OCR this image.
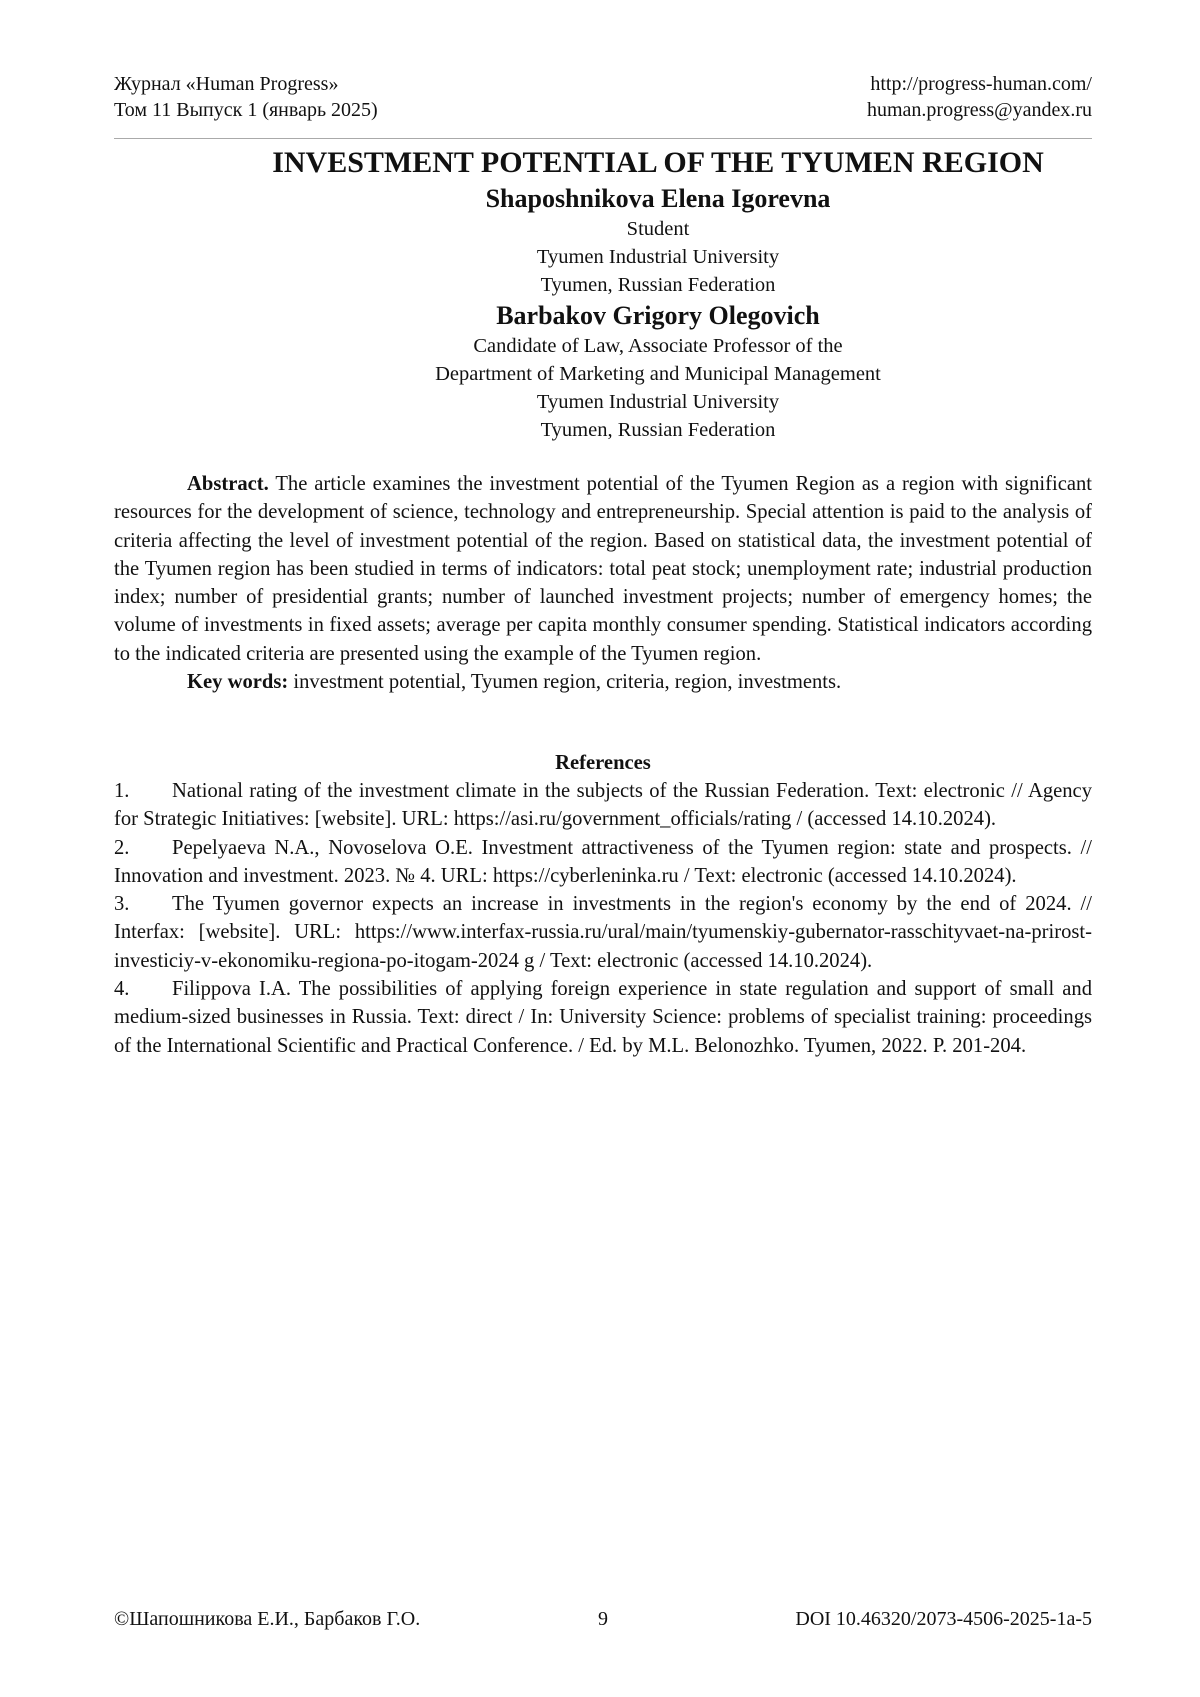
Журнал «Human Progress»	http://progress-human.com/
Том 11 Выпуск 1 (январь 2025)	human.progress@yandex.ru

INVESTMENT POTENTIAL OF THE TYUMEN REGION

Shaposhnikova Elena Igorevna

Student

Tyumen Industrial University

Tyumen, Russian Federation

Barbakov Grigory Olegovich

Candidate of Law, Associate Professor of the

Department of Marketing and Municipal Management

Tyumen Industrial University

Tyumen, Russian Federation

Abstract. The article examines the investment potential of the Tyumen Region as a region with significant resources for the development of science, technology and entrepreneurship. Special attention is paid to the analysis of criteria affecting the level of investment potential of the region. Based on statistical data, the investment potential of the Tyumen region has been studied in terms of indicators: total peat stock; unemployment rate; industrial production index; number of presidential grants; number of launched investment projects; number of emergency homes; the volume of investments in fixed assets; average per capita monthly consumer spending. Statistical indicators according to the indicated criteria are presented using the example of the Tyumen region.

Key words: investment potential, Tyumen region, criteria, region, investments.

References

1. National rating of the investment climate in the subjects of the Russian Federation. Text: electronic // Agency for Strategic Initiatives: [website]. URL: https://asi.ru/government_officials/rating / (accessed 14.10.2024).

2. Pepelyaeva N.A., Novoselova O.E. Investment attractiveness of the Tyumen region: state and prospects. // Innovation and investment. 2023. № 4. URL: https://cyberleninka.ru / Text: electronic (accessed 14.10.2024).

3. The Tyumen governor expects an increase in investments in the region's economy by the end of 2024. // Interfax: [website]. URL: https://www.interfax-russia.ru/ural/main/tyumenskiy-gubernator-rasschityvaet-na-prirost-investiciy-v-ekonomiku-regiona-po-itogam-2024 g / Text: electronic (accessed 14.10.2024).

4. Filippova I.A. The possibilities of applying foreign experience in state regulation and support of small and medium-sized businesses in Russia. Text: direct / In: University Science: problems of specialist training: proceedings of the International Scientific and Practical Conference. / Ed. by M.L. Belonozhko. Tyumen, 2022. P. 201-204.

©Шапошникова Е.И., Барбаков Г.О.	9	DOI 10.46320/2073-4506-2025-1a-5
